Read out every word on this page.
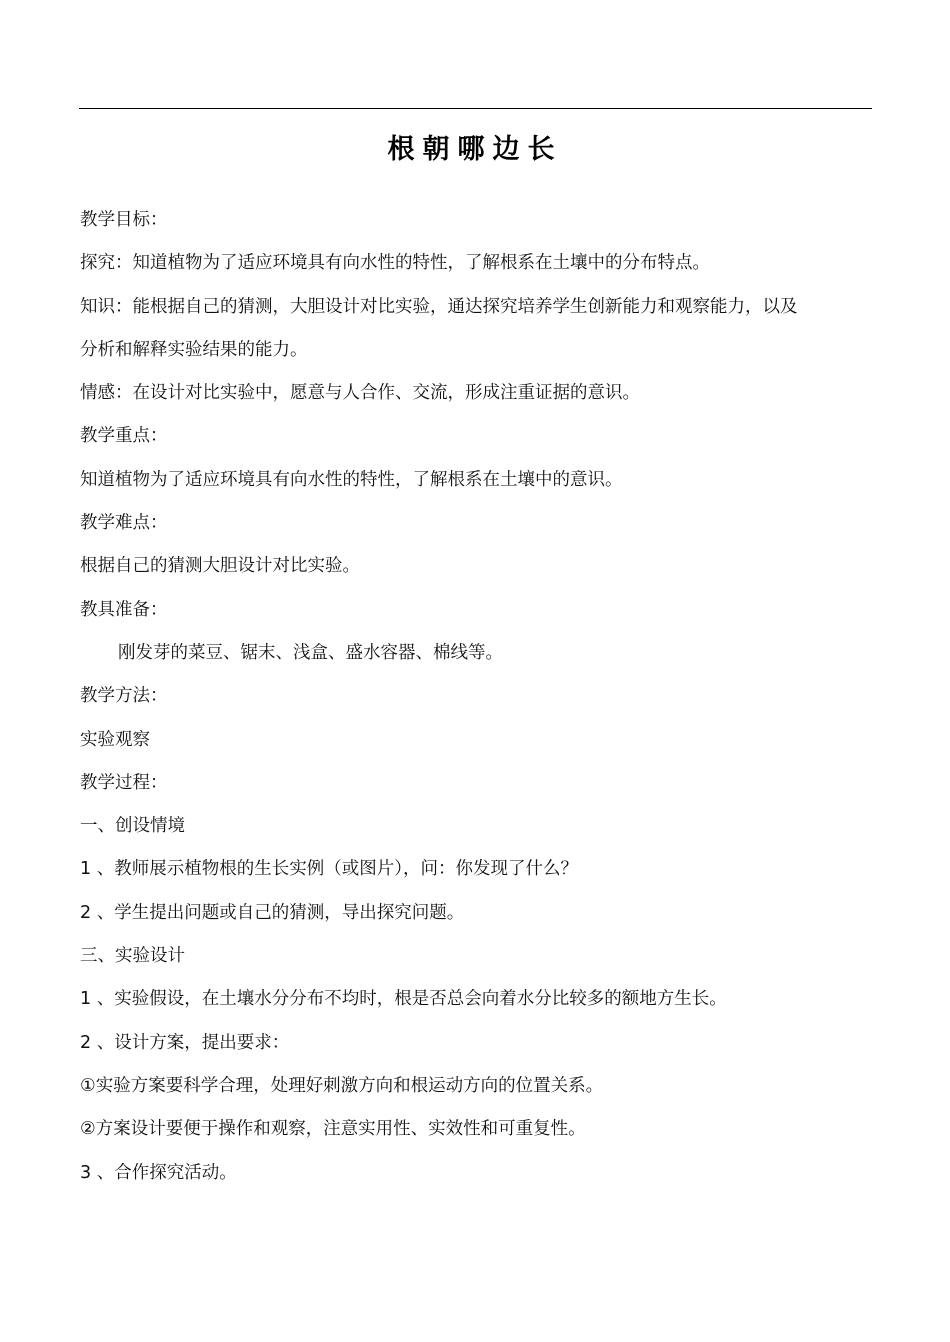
根朝哪边长

教学目标：

探究：知道植物为了适应环境具有向水性的特性，了解根系在土壤中的分布特点。

知识：能根据自己的猜测，大胆设计对比实验，通达探究培养学生创新能力和观察能力，以及

分析和解释实验结果的能力。

情感：在设计对比实验中，愿意与人合作、交流，形成注重证据的意识。

教学重点：

知道植物为了适应环境具有向水性的特性，了解根系在土壤中的意识。

教学难点：

根据自己的猜测大胆设计对比实验。

教具准备：

刚发芽的菜豆、锯末、浅盒、盛水容器、棉线等。

教学方法：

实验观察

教学过程：

一、创设情境

1 、教师展示植物根的生长实例（或图片），问：你发现了什么？

2 、学生提出问题或自己的猜测，导出探究问题。

三、实验设计

1 、实验假设，在土壤水分分布不均时，根是否总会向着水分比较多的额地方生长。

2 、设计方案，提出要求：

①实验方案要科学合理，处理好刺激方向和根运动方向的位置关系。

②方案设计要便于操作和观察，注意实用性、实效性和可重复性。

3 、合作探究活动。
